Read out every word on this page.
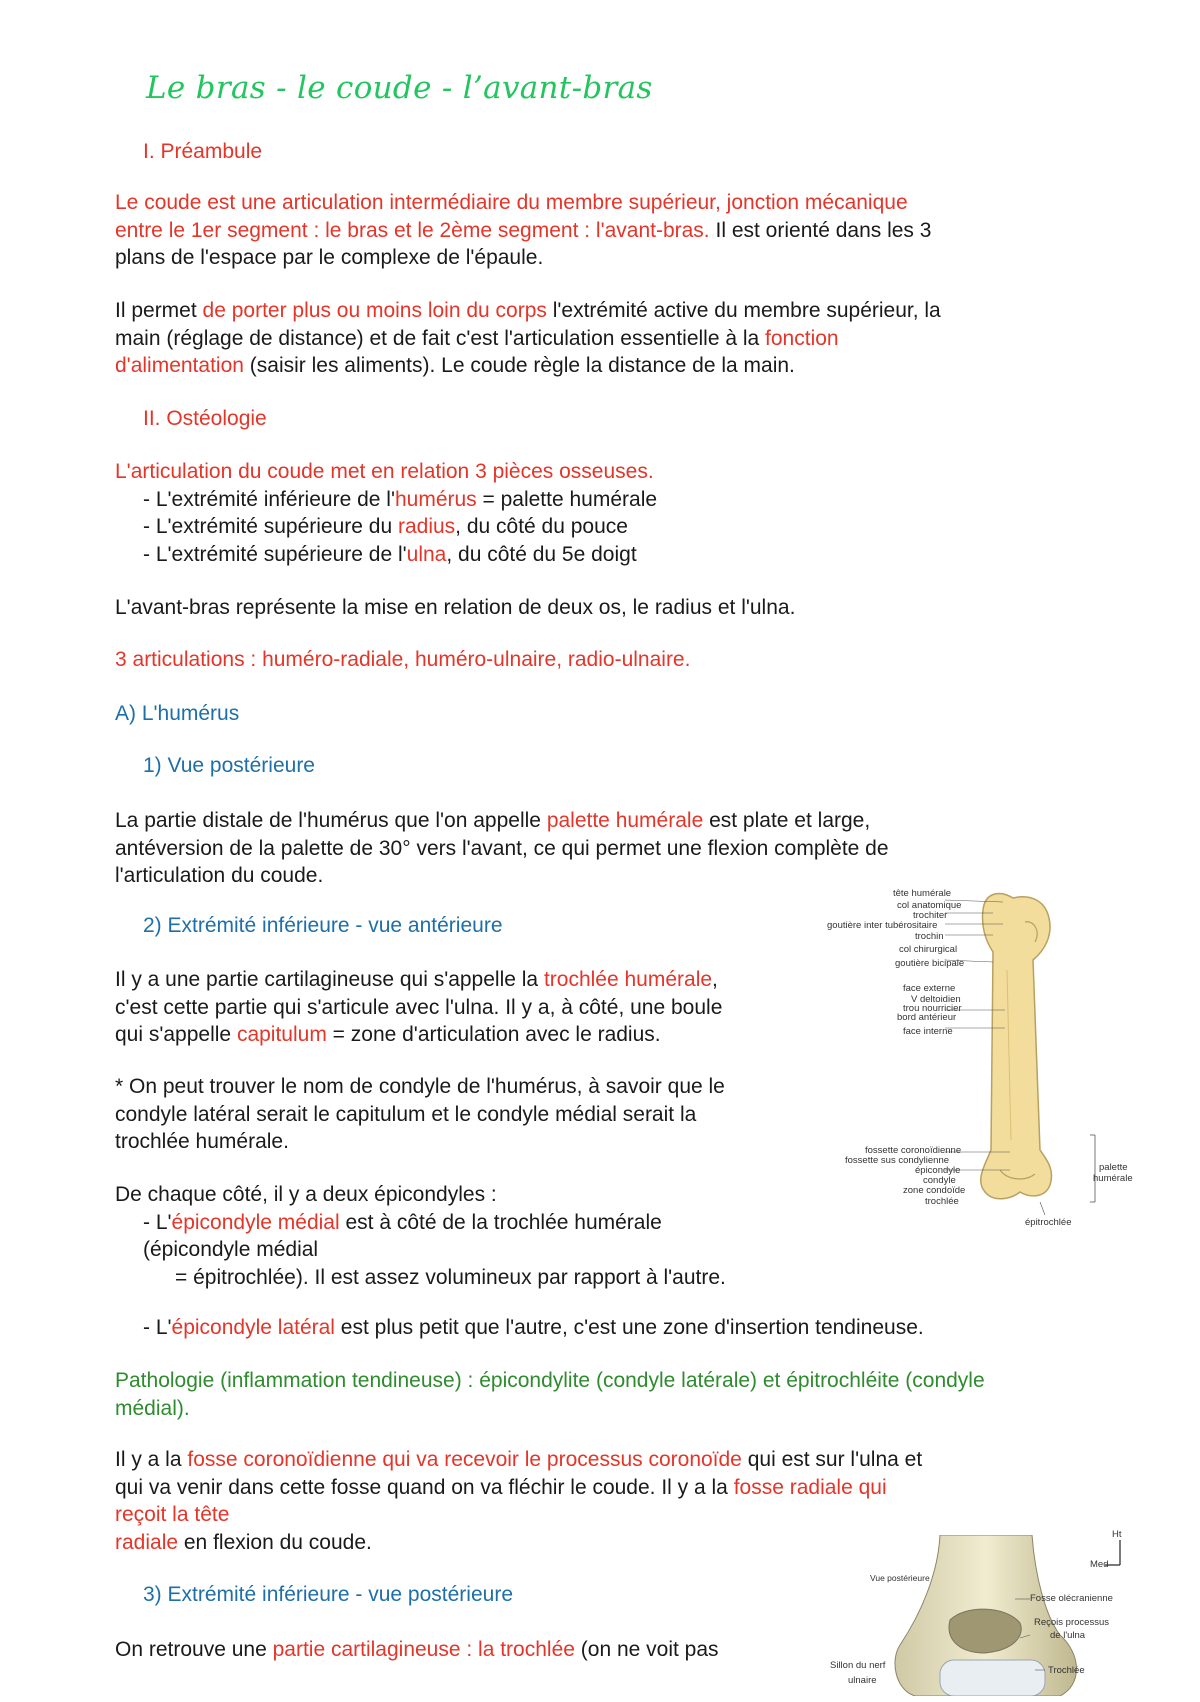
Le bras - le coude - l’avant-bras
I. Préambule
Le coude est une articulation intermédiaire du membre supérieur, jonction mécanique
entre le 1er segment : le bras et le 2ème segment : l'avant-bras. Il est orienté dans les 3
plans de l'espace par le complexe de l'épaule.
Il permet de porter plus ou moins loin du corps l'extrémité active du membre supérieur, la
main (réglage de distance) et de fait c'est l'articulation essentielle à la fonction
d'alimentation (saisir les aliments). Le coude règle la distance de la main.
II. Ostéologie
L'articulation du coude met en relation 3 pièces osseuses.
- L'extrémité inférieure de l'humérus = palette humérale
- L'extrémité supérieure du radius, du côté du pouce
- L'extrémité supérieure de l'ulna, du côté du 5e doigt
L'avant-bras représente la mise en relation de deux os, le radius et l'ulna.
3 articulations : huméro-radiale, huméro-ulnaire, radio-ulnaire.
A) L'humérus
1) Vue postérieure
La partie distale de l'humérus que l'on appelle palette humérale est plate et large,
antéversion de la palette de 30° vers l'avant, ce qui permet une flexion complète de
l'articulation du coude.
2) Extrémité inférieure - vue antérieure
Il y a une partie cartilagineuse qui s'appelle la trochlée humérale,
c'est cette partie qui s'articule avec l'ulna. Il y a, à côté, une boule
qui s'appelle capitulum = zone d'articulation avec le radius.
* On peut trouver le nom de condyle de l'humérus, à savoir que le
condyle latéral serait le capitulum et le condyle médial serait la
trochlée humérale.
De chaque côté, il y a deux épicondyles :
- L'épicondyle médial est à côté de la trochlée humérale
(épicondyle médial
= épitrochlée). Il est assez volumineux par rapport à l'autre.
- L'épicondyle latéral est plus petit que l'autre, c'est une zone d'insertion tendineuse.
Pathologie (inflammation tendineuse) : épicondylite (condyle latérale) et épitrochléite (condyle
médial).
Il y a la fosse coronoïdienne qui va recevoir le processus coronoïde qui est sur l'ulna et
qui va venir dans cette fosse quand on va fléchir le coude. Il y a la fosse radiale qui
reçoit la tête
radiale en flexion du coude.
3) Extrémité inférieure - vue postérieure
On retrouve une partie cartilagineuse : la trochlée (on ne voit pas
tête humérale
col anatomique
trochiter
goutière inter tubérositaire
trochin
col chirurgical
goutière bicipale
face externe
V deltoidien
trou nourricier
bord antérieur
face interne
fossette coronoïdienne
fossette sus condylienne
épicondyle
condyle
zone condoïde
trochlée
palette
humérale
épitrochlée
Vue postérieure
Sillon du nerf
ulnaire
Fosse olécranienne
Reçois processus
de l'ulna
Trochlée
Ht
Med
